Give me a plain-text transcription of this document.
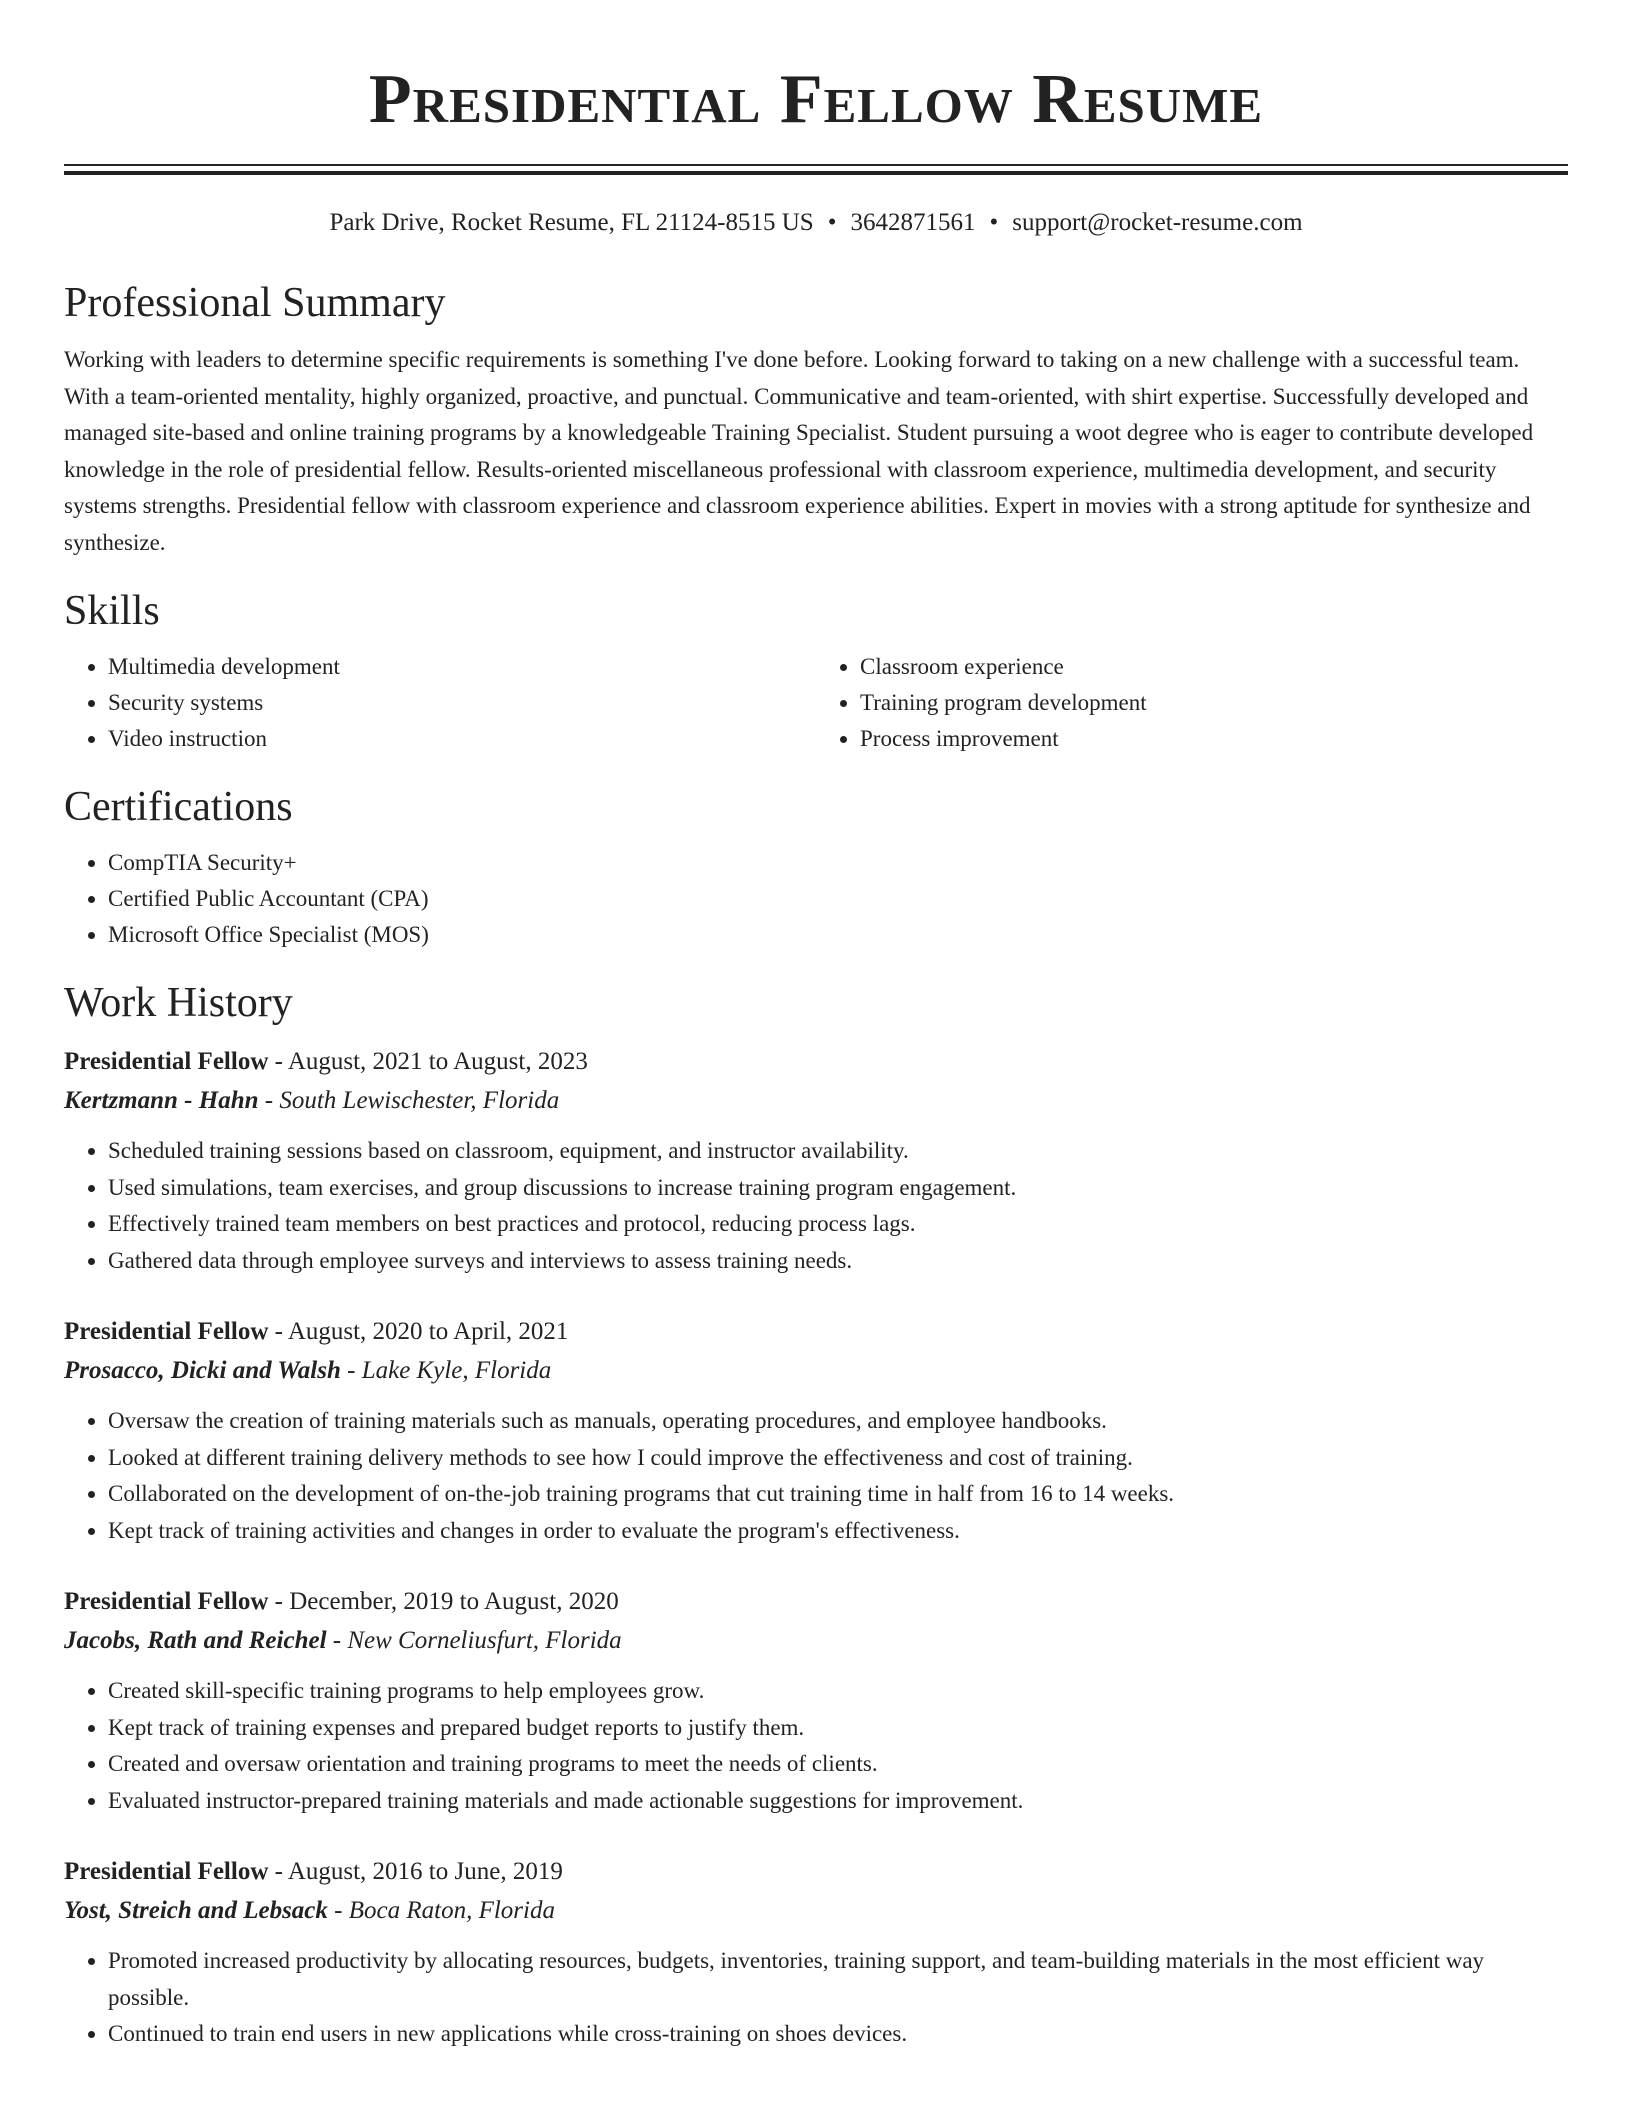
Presidential Fellow Resume
Park Drive, Rocket Resume, FL 21124-8515 US • 3642871561 • support@rocket-resume.com
Professional Summary

Working with leaders to determine specific requirements is something I've done before. Looking forward to taking on a new challenge with a successful team. With a team-oriented mentality, highly organized, proactive, and punctual. Communicative and team-oriented, with shirt expertise. Successfully developed and managed site-based and online training programs by a knowledgeable Training Specialist. Student pursuing a woot degree who is eager to contribute developed knowledge in the role of presidential fellow. Results-oriented miscellaneous professional with classroom experience, multimedia development, and security systems strengths. Presidential fellow with classroom experience and classroom experience abilities. Expert in movies with a strong aptitude for synthesize and synthesize.

Skills
• Multimedia development
• Security systems
• Video instruction
• Classroom experience
• Training program development
• Process improvement
Certifications
• CompTIA Security+
• Certified Public Accountant (CPA)
• Microsoft Office Specialist (MOS)
Work History
Presidential Fellow - August, 2021 to August, 2023
Kertzmann - Hahn - South Lewischester, Florida
• Scheduled training sessions based on classroom, equipment, and instructor availability.
• Used simulations, team exercises, and group discussions to increase training program engagement.
• Effectively trained team members on best practices and protocol, reducing process lags.
• Gathered data through employee surveys and interviews to assess training needs.
Presidential Fellow - August, 2020 to April, 2021
Prosacco, Dicki and Walsh - Lake Kyle, Florida
• Oversaw the creation of training materials such as manuals, operating procedures, and employee handbooks.
• Looked at different training delivery methods to see how I could improve the effectiveness and cost of training.
• Collaborated on the development of on-the-job training programs that cut training time in half from 16 to 14 weeks.
• Kept track of training activities and changes in order to evaluate the program's effectiveness.
Presidential Fellow - December, 2019 to August, 2020
Jacobs, Rath and Reichel - New Corneliusfurt, Florida
• Created skill-specific training programs to help employees grow.
• Kept track of training expenses and prepared budget reports to justify them.
• Created and oversaw orientation and training programs to meet the needs of clients.
• Evaluated instructor-prepared training materials and made actionable suggestions for improvement.
Presidential Fellow - August, 2016 to June, 2019
Yost, Streich and Lebsack - Boca Raton, Florida
• Promoted increased productivity by allocating resources, budgets, inventories, training support, and team-building materials in the most efficient way possible.
• Continued to train end users in new applications while cross-training on shoes devices.
